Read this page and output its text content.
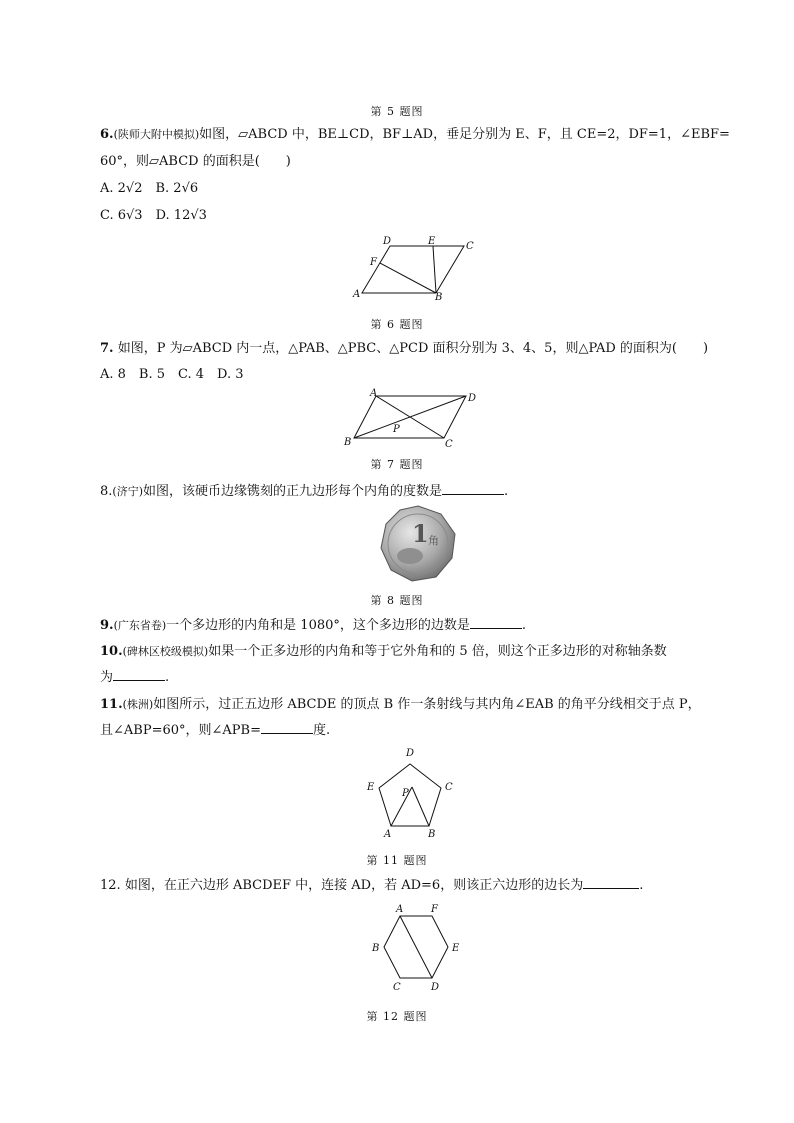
第 5 题图
6.(陕师大附中模拟)如图，▱ABCD 中，BE⊥CD，BF⊥AD，垂足分别为 E、F，且 CE=2，DF=1，∠EBF=
60°，则▱ABCD 的面积是(　　)
A. 2√2　B. 2√6
C. 6√3　D. 12√3
A	B
C
D	E
F
第 6 题图
7. 如图，P 为▱ABCD 内一点，△PAB、△PBC、△PCD 面积分别为 3、4、5，则△PAD 的面积为(　　)
A. 8　B. 5　C. 4　D. 3
A
B	C
D
P
第 7 题图
8.(济宁)如图，该硬币边缘镌刻的正九边形每个内角的度数是	.
1 角
第 8 题图
9.(广东省卷)一个多边形的内角和是 1080°，这个多边形的边数是	.
10.(碑林区校级模拟)如果一个正多边形的内角和等于它外角和的 5 倍，则这个正多边形的对称轴条数
为	.
11.(株洲)如图所示，过正五边形 ABCDE 的顶点 B 作一条射线与其内角∠EAB 的角平分线相交于点 P，
且∠ABP=60°，则∠APB=	度.
A	B
C
D
E
P
第 11 题图
12. 如图，在正六边形 ABCDEF 中，连接 AD，若 AD=6，则该正六边形的边长为	.
A
B
C	D
E
F
第 12 题图
